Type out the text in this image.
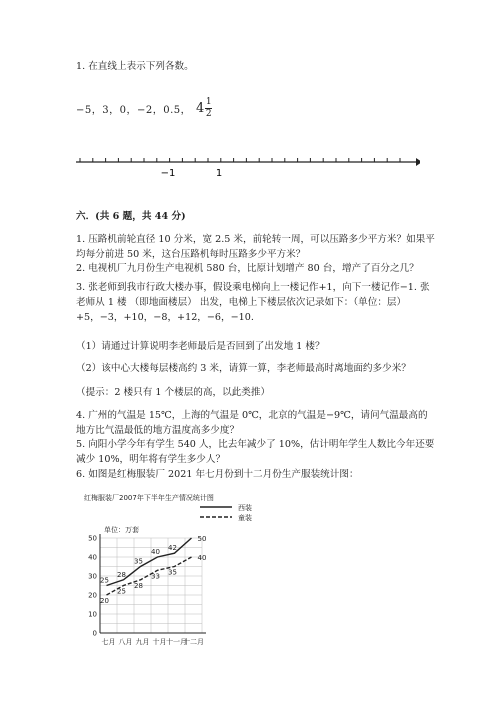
1. 在直线上表示下列各数。
−5，3，0，−2，0.5， $4 \frac{1}{2}$
−1	1
六．(共 6 题，共 44 分)
1. 压路机前轮直径 10 分米，宽 2.5 米，前轮转一周，可以压路多少平方米？如果平均每分前进 50 米，这台压路机每时压路多少平方米？
2. 电视机厂九月份生产电视机 580 台，比原计划增产 80 台，增产了百分之几？
3. 张老师到我市行政大楼办事，假设乘电梯向上一楼记作+1，向下一楼记作−1. 张老师从 1 楼 （即地面楼层） 出发，电梯上下楼层依次记录如下：（单位：层）+5，−3，+10，−8，+12，−6，−10.
（1）请通过计算说明李老师最后是否回到了出发地 1 楼？
（2）该中心大楼每层楼高约 3 米，请算一算，李老师最高时离地面约多少米？
（提示：2 楼只有 1 个楼层的高，以此类推）
4. 广州的气温是 15℃，上海的气温是 0℃，北京的气温是−9℃，请问气温最高的地方比气温最低的地方温度高多少度？
5. 向阳小学今年有学生 540 人，比去年减少了 10%，估计明年学生人数比今年还要减少 10%，明年将有学生多少人？
6. 如图是红梅服装厂 2021 年七月份到十二月份生产服装统计图：
红梅服装厂2007年下半年生产情况统计图
单位：万套
西装
童装
0
10
20
30
40
50
七月 八月 九月 十月 十一月
十二月
25
28
35
40 42
50
20
25
28
33 35
40
